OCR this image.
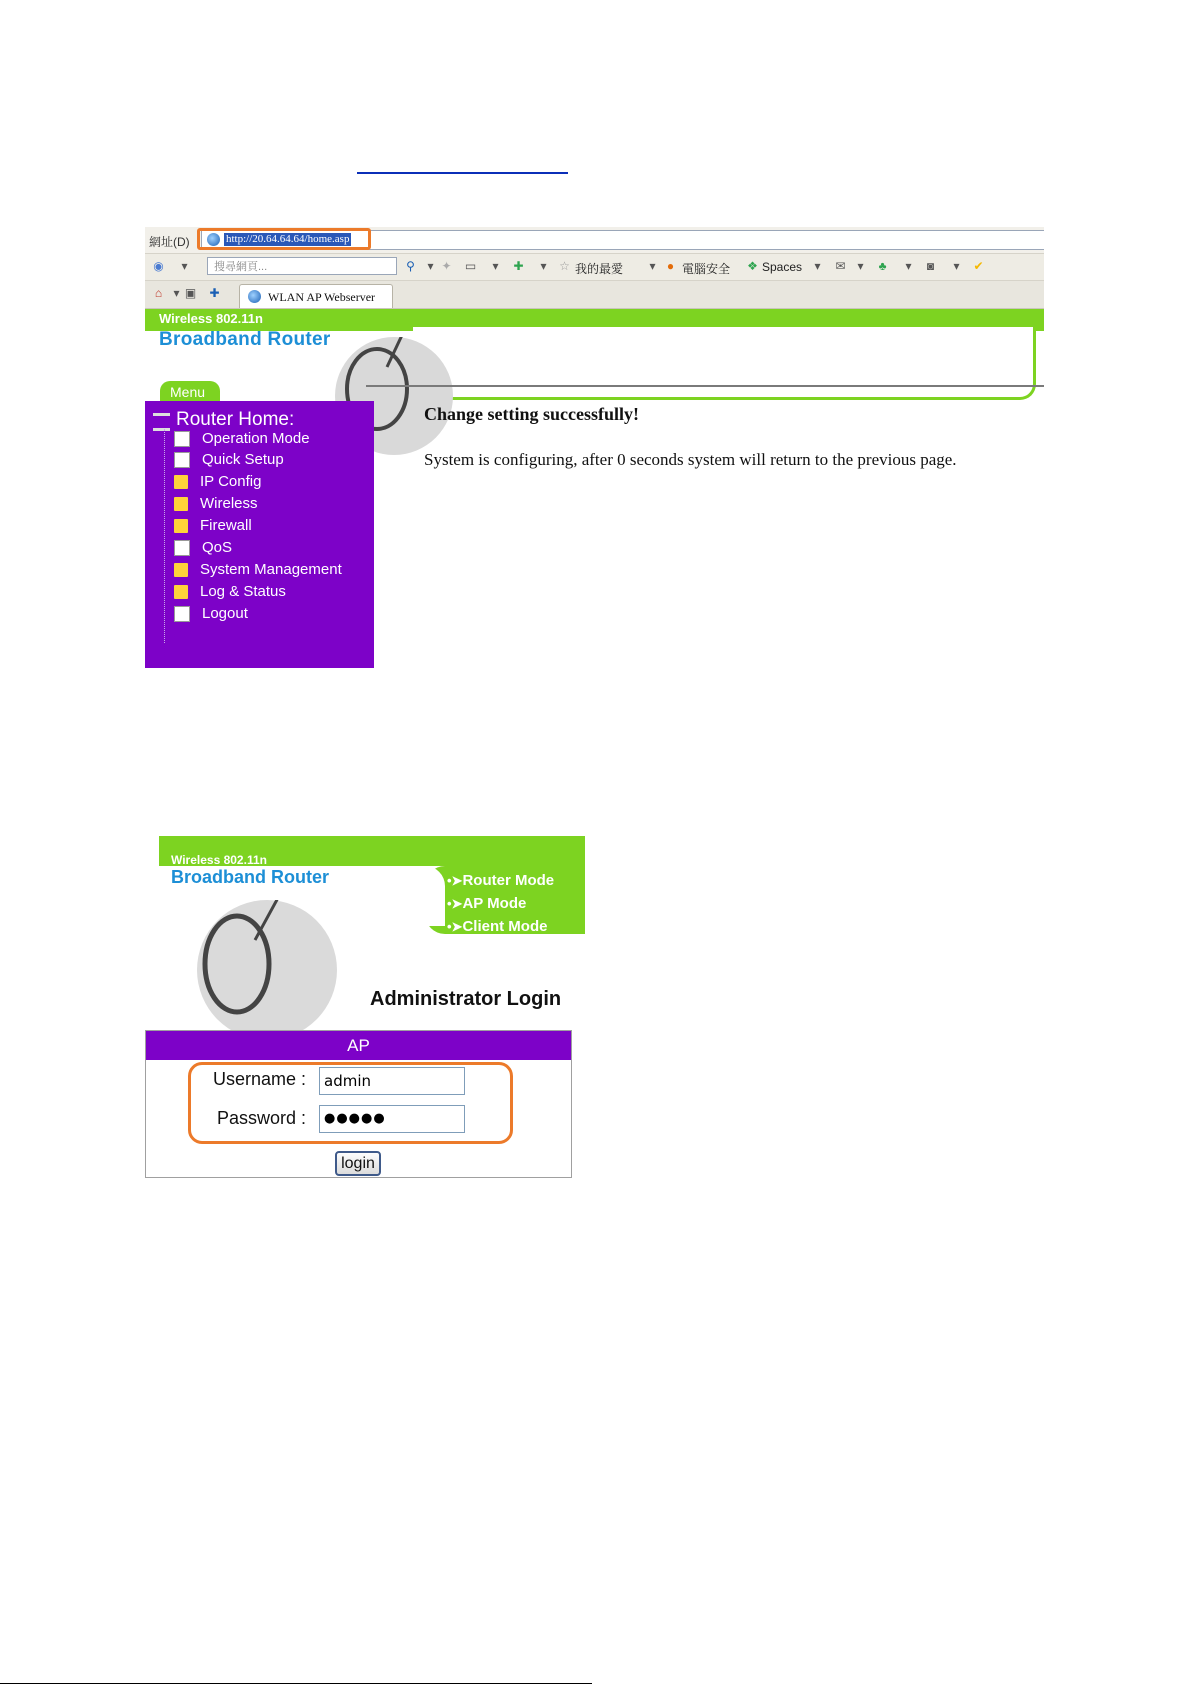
網址(D)	http://20.64.64.64/home.asp
◉	▾	搜尋網頁...	⚲	▾ ✦ ▭	▾	✚	▾	☆ 我的最愛	▾ ● 電腦安全 ❖ Spaces	▾	✉ ▾	♣	▾	◙	▾	✔
⌂ ▾ ▣ ✚	WLAN AP Webserver
Wireless 802.11n
Broadband Router
Menu
Router Home:
Operation Mode
Quick Setup
IP Config
Wireless
Firewall
QoS
System Management
Log & Status
Logout
Change setting successfully!
System is configuring, after 0 seconds system will return to the previous page.
Wireless 802.11n
Broadband Router	•➤Router Mode
•➤AP Mode
•➤Client Mode
Administrator Login
AP
Username :	admin
Password :	●●●●●
login
